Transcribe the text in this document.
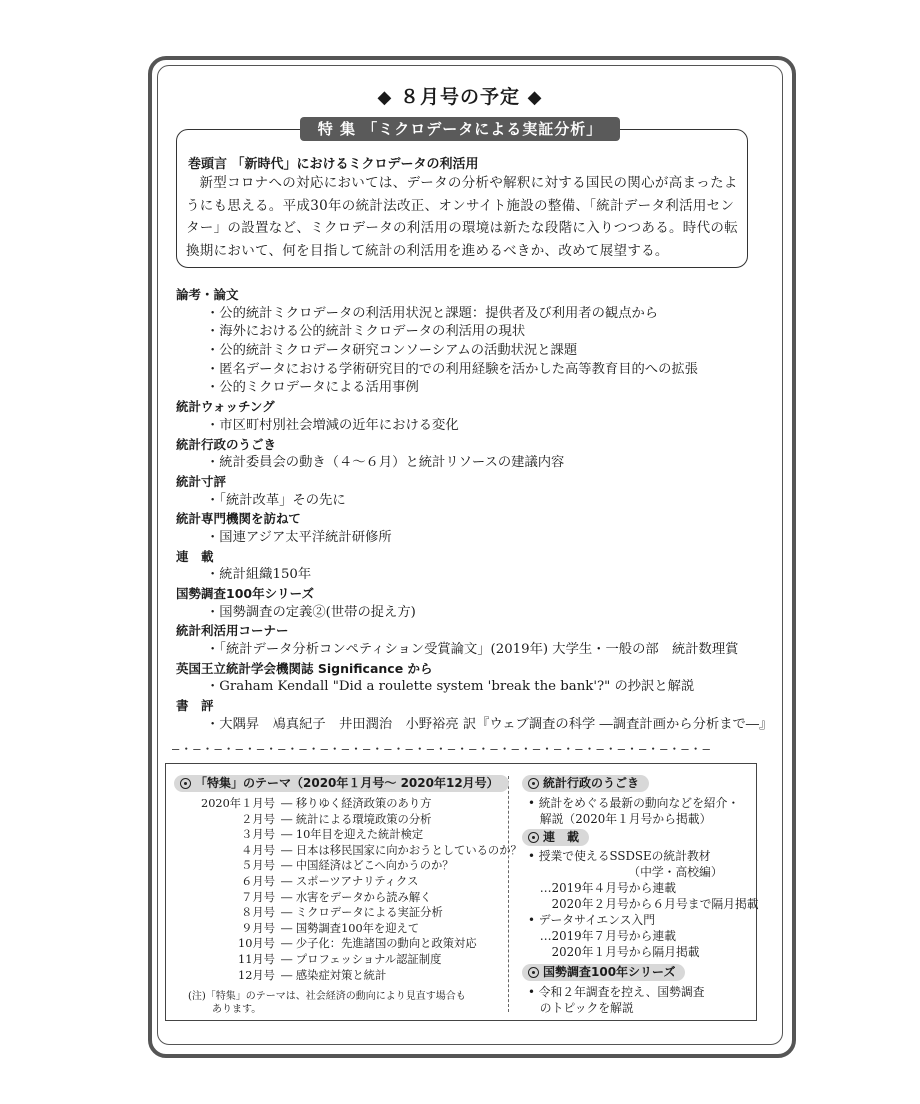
◆ ８月号の予定 ◆
特 集 「ミクロデータによる実証分析」
巻頭言 「新時代」におけるミクロデータの利活用
新型コロナへの対応においては、データの分析や解釈に対する国民の関心が高まったようにも思える。平成30年の統計法改正、オンサイト施設の整備、「統計データ利活用センター」の設置など、ミクロデータの利活用の環境は新たな段階に入りつつある。時代の転換期において、何を目指して統計の利活用を進めるべきか、改めて展望する。
論考・論文
・公的統計ミクロデータの利活用状況と課題：提供者及び利用者の観点から
・海外における公的統計ミクロデータの利活用の現状
・公的統計ミクロデータ研究コンソーシアムの活動状況と課題
・匿名データにおける学術研究目的での利用経験を活かした高等教育目的への拡張
・公的ミクロデータによる活用事例
統計ウォッチング
・市区町村別社会増減の近年における変化
統計行政のうごき
・統計委員会の動き（４～６月）と統計リソースの建議内容
統計寸評
・「統計改革」その先に
統計専門機関を訪ねて
・国連アジア太平洋統計研修所
連　載
・統計組織150年
国勢調査100年シリーズ
・国勢調査の定義②(世帯の捉え方)
統計利活用コーナー
・「統計データ分析コンペティション受賞論文」(2019年) 大学生・一般の部　統計数理賞
英国王立統計学会機関誌 Significance から
・Graham Kendall "Did a roulette system 'break the bank'?" の抄訳と解説
書　評
・大隅昇　鳰真紀子　井田潤治　小野裕亮 訳『ウェブ調査の科学 ―調査計画から分析まで―』
―・―・―・―・―・―・―・―・―・―・―・―・―・―・―・―・―・―・―・―・―・―・―・―・―・―
「特集」のテーマ（2020年１月号～ 2020年12月号）
2020年１月号 ― 移りゆく経済政策のあり方
２月号 ― 統計による環境政策の分析
３月号 ― 10年目を迎えた統計検定
４月号 ― 日本は移民国家に向かおうとしているのか？
５月号 ― 中国経済はどこへ向かうのか？
６月号 ― スポーツアナリティクス
７月号 ― 水害をデータから読み解く
８月号 ― ミクロデータによる実証分析
９月号 ― 国勢調査100年を迎えて
10月号 ― 少子化：先進諸国の動向と政策対応
11月号 ― プロフェッショナル認証制度
12月号 ― 感染症対策と統計
(注)「特集」のテーマは、社会経済の動向により見直す場合も
あります。
統計行政のうごき
• 統計をめぐる最新の動向などを紹介・
　解説（2020年１月号から掲載）
連　載
• 授業で使えるSSDSEの統計教材
　　　　　　　　　（中学・高校編）
　…2019年４月号から連載
　　2020年２月号から６月号まで隔月掲載
• データサイエンス入門
　…2019年７月号から連載
　　2020年１月号から隔月掲載
国勢調査100年シリーズ
• 令和２年調査を控え、国勢調査
　のトピックを解説
